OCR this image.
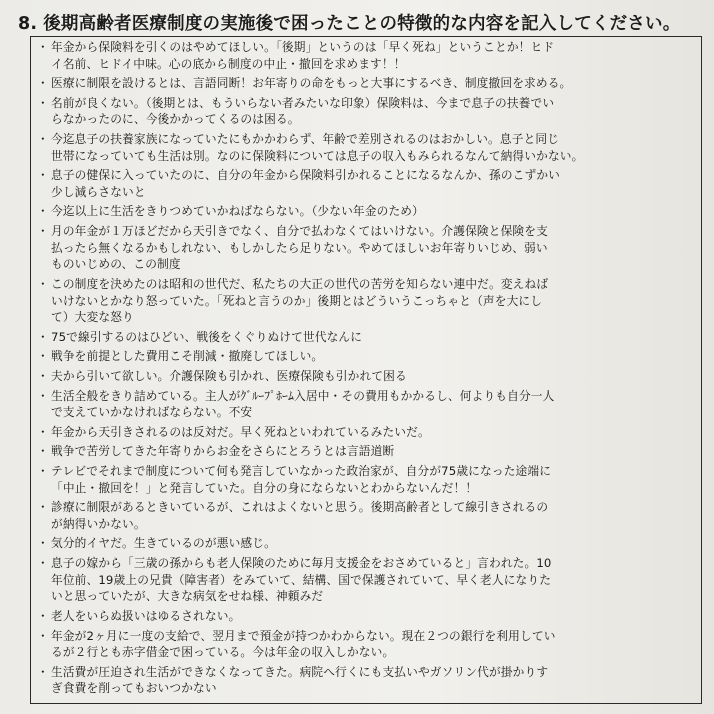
8. 後期高齢者医療制度の実施後で困ったことの特徴的な内容を記入してください。
・ 年金から保険料を引くのはやめてほしい。「後期」というのは「早く死ね」ということか！ヒド
イ名前、ヒドイ中味。心の底から制度の中止・撤回を求めます！！
・ 医療に制限を設けるとは、言語同断！お年寄りの命をもっと大事にするべき、制度撤回を求める。
・ 名前が良くない。（後期とは、もういらない者みたいな印象）保険料は、今まで息子の扶養でい
らなかったのに、今後かかってくるのは困る。
・ 今迄息子の扶養家族になっていたにもかかわらず、年齢で差別されるのはおかしい。息子と同じ
世帯になっていても生活は別。なのに保険料については息子の収入もみられるなんて納得いかない。
・ 息子の健保に入っていたのに、自分の年金から保険料引かれることになるなんか、孫のこずかい
少し減らさないと
・ 今迄以上に生活をきりつめていかねばならない。（少ない年金のため）
・ 月の年金が１万ほどだから天引きでなく、自分で払わなくてはいけない。介護保険と保険を支
払ったら無くなるかもしれない、もしかしたら足りない。やめてほしいお年寄りいじめ、弱い
ものいじめの、この制度
・ この制度を決めたのは昭和の世代だ、私たちの大正の世代の苦労を知らない連中だ。変えねば
いけないとかなり怒っていた。「死ねと言うのか」後期とはどういうこっちゃと（声を大にし
て）大変な怒り
・ 75で線引するのはひどい、戦後をくぐりぬけて世代なんに
・ 戦争を前提とした費用こそ削減・撤廃してほしい。
・ 夫から引いて欲しい。介護保険も引かれ、医療保険も引かれて困る
・ 生活全般をきり詰めている。主人がｸﾞﾙｰﾌﾟﾎｰﾑ入居中・その費用もかかるし、何よりも自分一人
で支えていかなければならない。不安
・ 年金から天引きされるのは反対だ。早く死ねといわれているみたいだ。
・ 戦争で苦労してきた年寄りからお金をさらにとろうとは言語道断
・ テレビでそれまで制度について何も発言していなかった政治家が、自分が75歳になった途端に
「中止・撤回を！」と発言していた。自分の身にならないとわからないんだ！！
・ 診療に制限があるときいているが、これはよくないと思う。後期高齢者として線引きされるの
が納得いかない。
・ 気分的イヤだ。生きているのが悪い感じ。
・ 息子の嫁から「三歳の孫からも老人保険のために毎月支援金をおさめていると」言われた。10
年位前、19歳上の兄貴（障害者）をみていて、結構、国で保護されていて、早く老人になりた
いと思っていたが、大きな病気をせね様、神頼みだ
・ 老人をいらぬ扱いはゆるされない。
・ 年金が2ヶ月に一度の支給で、翌月まで預金が持つかわからない。現在２つの銀行を利用してい
るが２行とも赤字借金で困っている。今は年金の収入しかない。
・ 生活費が圧迫され生活ができなくなってきた。病院へ行くにも支払いやガソリン代が掛かりす
ぎ食費を削ってもおいつかない
